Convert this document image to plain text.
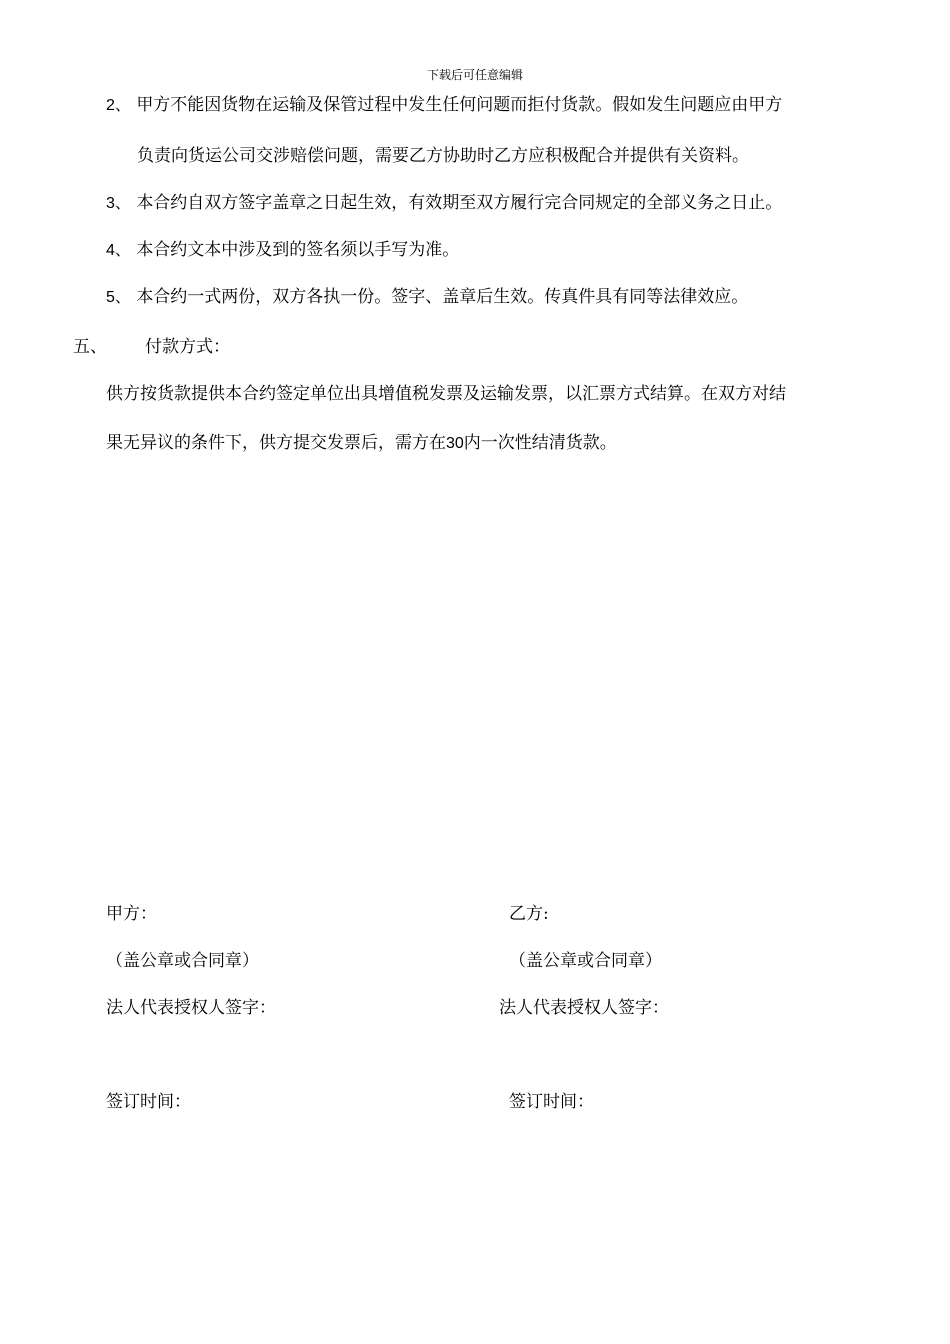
下载后可任意编辑
2、 甲方不能因货物在运输及保管过程中发生任何问题而拒付货款。假如发生问题应由甲方
负责向货运公司交涉赔偿问题，需要乙方协助时乙方应积极配合并提供有关资料。
3、 本合约自双方签字盖章之日起生效，有效期至双方履行完合同规定的全部义务之日止。
4、 本合约文本中涉及到的签名须以手写为准。
5、 本合约一式两份，双方各执一份。签字、盖章后生效。传真件具有同等法律效应。
五、 付款方式：
供方按货款提供本合约签定单位出具增值税发票及运输发票，以汇票方式结算。在双方对结
果无异议的条件下，供方提交发票后，需方在30内一次性结清货款。
甲方：	乙方:
（盖公章或合同章）	（盖公章或合同章）
法人代表授权人签字：	法人代表授权人签字：
签订时间：	签订时间：
